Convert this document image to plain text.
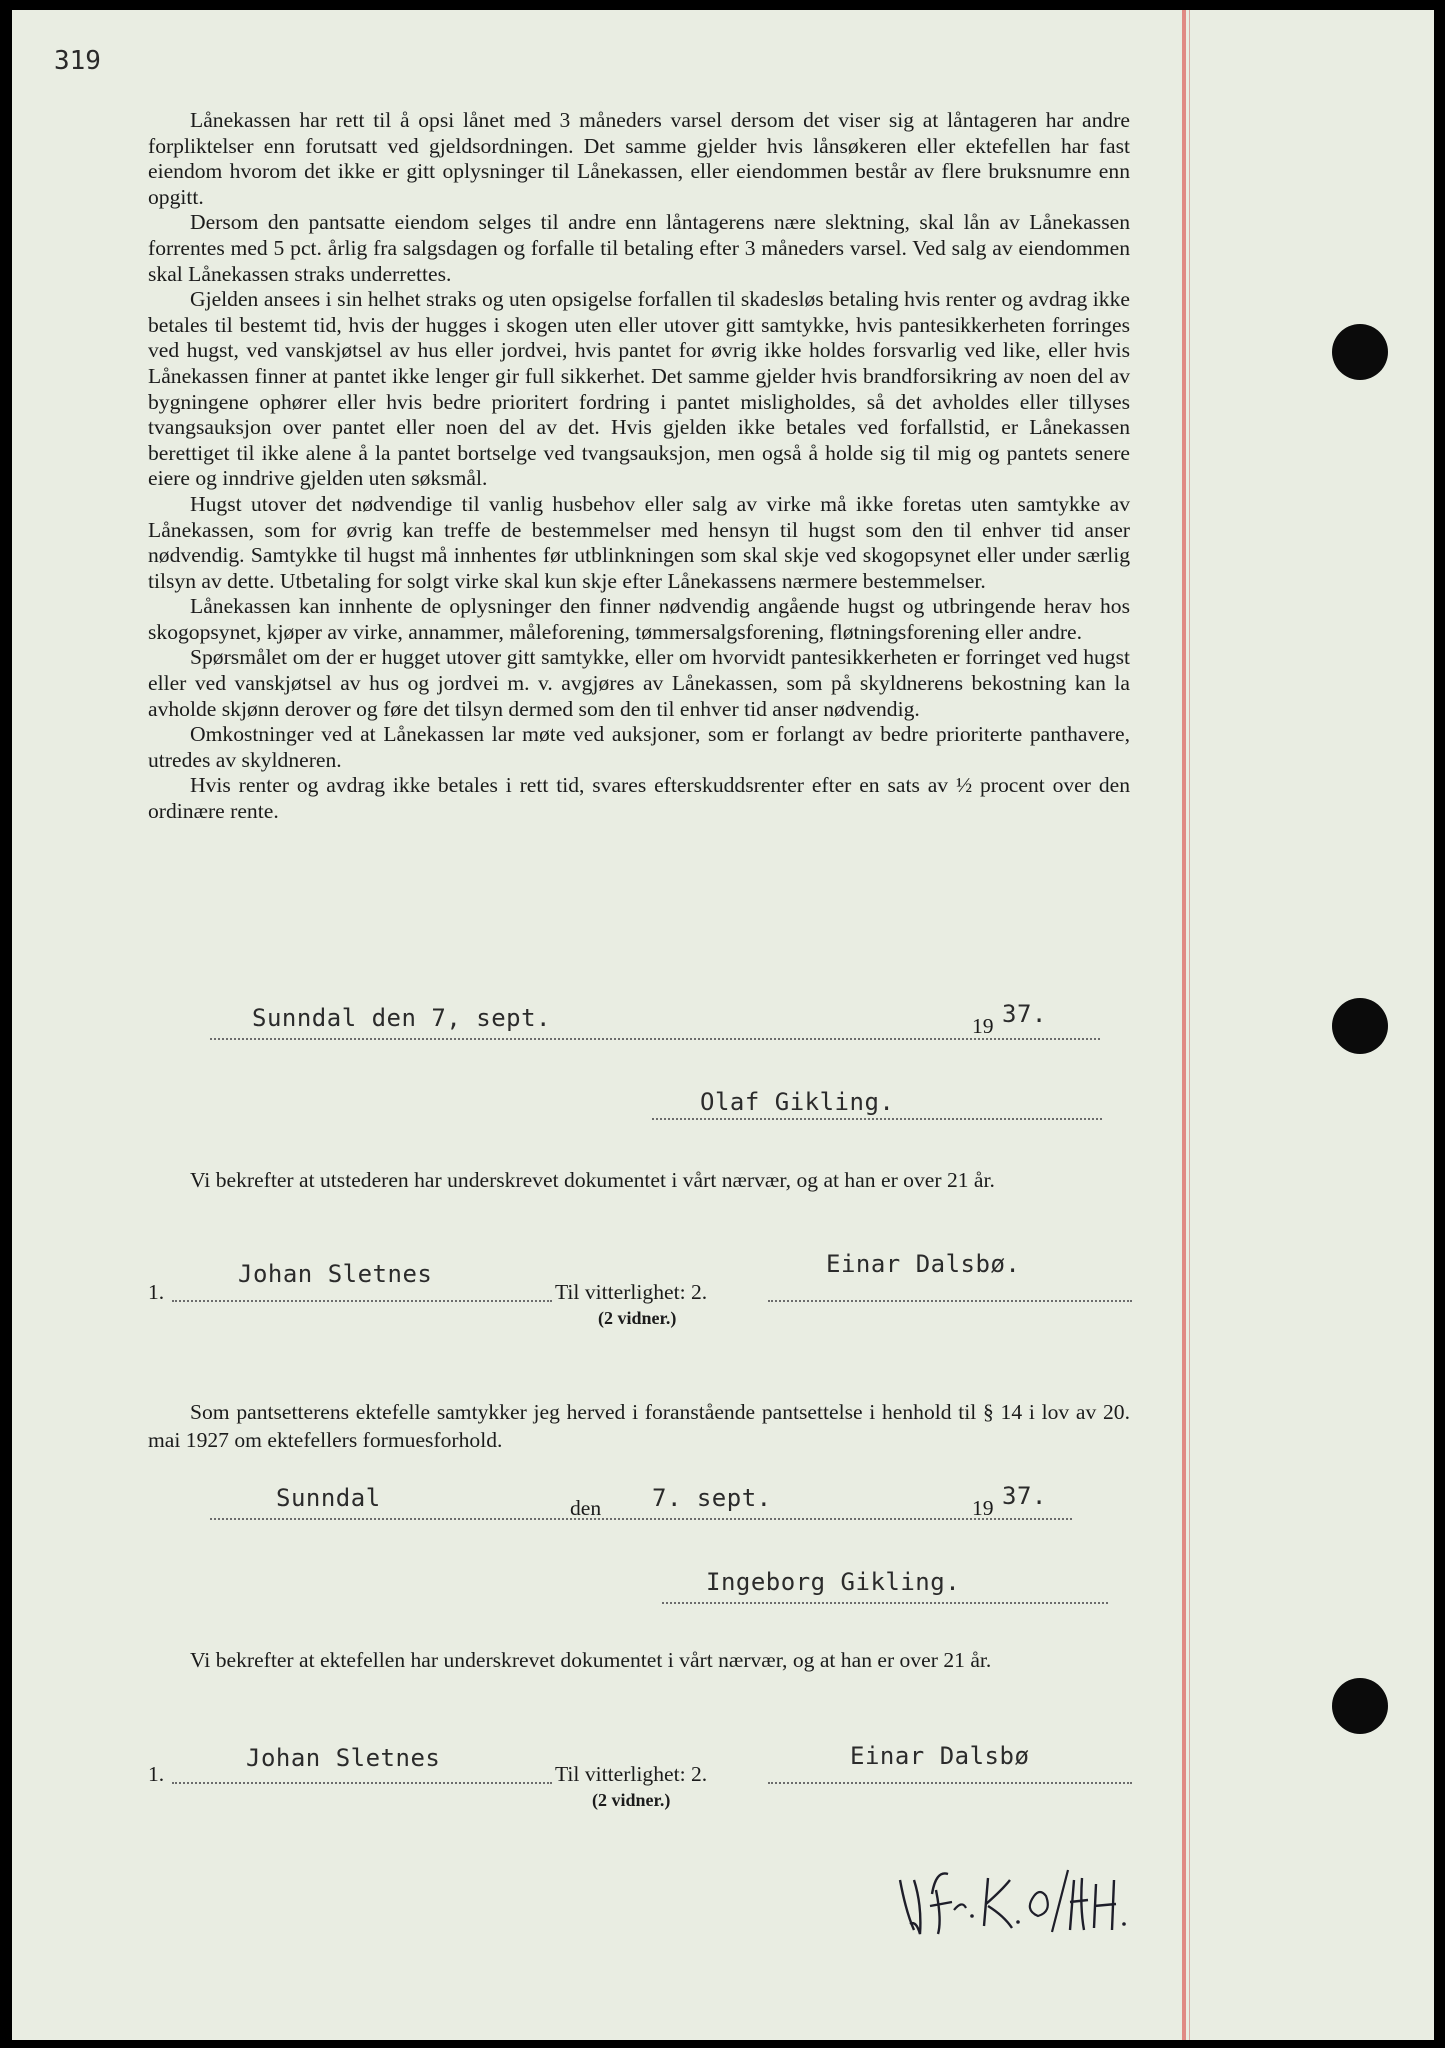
319

Lånekassen har rett til å opsi lånet med 3 måneders varsel dersom det viser sig at låntageren har andre forpliktelser enn forutsatt ved gjeldsordningen. Det samme gjelder hvis lånsøkeren eller ektefellen har fast eiendom hvorom det ikke er gitt oplysninger til Lånekassen, eller eiendommen består av flere bruksnumre enn opgitt.

Dersom den pantsatte eiendom selges til andre enn låntagerens nære slektning, skal lån av Lånekassen forrentes med 5 pct. årlig fra salgsdagen og forfalle til betaling efter 3 måneders varsel. Ved salg av eiendommen skal Lånekassen straks underrettes.

Gjelden ansees i sin helhet straks og uten opsigelse forfallen til skadesløs betaling hvis renter og avdrag ikke betales til bestemt tid, hvis der hugges i skogen uten eller utover gitt samtykke, hvis pantesikkerheten forringes ved hugst, ved vanskjøtsel av hus eller jordvei, hvis pantet for øvrig ikke holdes forsvarlig ved like, eller hvis Lånekassen finner at pantet ikke lenger gir full sikkerhet. Det samme gjelder hvis brandforsikring av noen del av bygningene ophører eller hvis bedre prioritert fordring i pantet misligholdes, så det avholdes eller tillyses tvangsauksjon over pantet eller noen del av det. Hvis gjelden ikke betales ved forfallstid, er Lånekassen berettiget til ikke alene å la pantet bortselge ved tvangsauksjon, men også å holde sig til mig og pantets senere eiere og inndrive gjelden uten søksmål.

Hugst utover det nødvendige til vanlig husbehov eller salg av virke må ikke foretas uten samtykke av Lånekassen, som for øvrig kan treffe de bestemmelser med hensyn til hugst som den til enhver tid anser nødvendig. Samtykke til hugst må innhentes før utblinkningen som skal skje ved skogopsynet eller under særlig tilsyn av dette. Utbetaling for solgt virke skal kun skje efter Lånekassens nærmere bestemmelser.

Lånekassen kan innhente de oplysninger den finner nødvendig angående hugst og utbringende herav hos skogopsynet, kjøper av virke, annammer, måleforening, tømmersalgsforening, fløtningsforening eller andre.

Spørsmålet om der er hugget utover gitt samtykke, eller om hvorvidt pantesikkerheten er forringet ved hugst eller ved vanskjøtsel av hus og jordvei m. v. avgjøres av Lånekassen, som på skyldnerens bekostning kan la avholde skjønn derover og føre det tilsyn dermed som den til enhver tid anser nødvendig.

Omkostninger ved at Lånekassen lar møte ved auksjoner, som er forlangt av bedre prioriterte panthavere, utredes av skyldneren.

Hvis renter og avdrag ikke betales i rett tid, svares efterskuddsrenter efter en sats av ½ procent over den ordinære rente.

Sunndal den 7, sept.	19 37.
Olaf Gikling.

Vi bekrefter at utstederen har underskrevet dokumentet i vårt nærvær, og at han er over 21 år.

1.
Johan Sletnes
Til vitterlighet: 2.
(2 vidner.)
Einar Dalsbø.

Som pantsetterens ektefelle samtykker jeg herved i foranstående pantsettelse i henhold til § 14 i lov av 20. mai 1927 om ektefellers formuesforhold.

Sunndal	den 7. sept.	19 37.
Ingeborg Gikling.

Vi bekrefter at ektefellen har underskrevet dokumentet i vårt nærvær, og at han er over 21 år.

1.
Johan Sletnes
Til vitterlighet: 2.
(2 vidner.)
Einar Dalsbø
